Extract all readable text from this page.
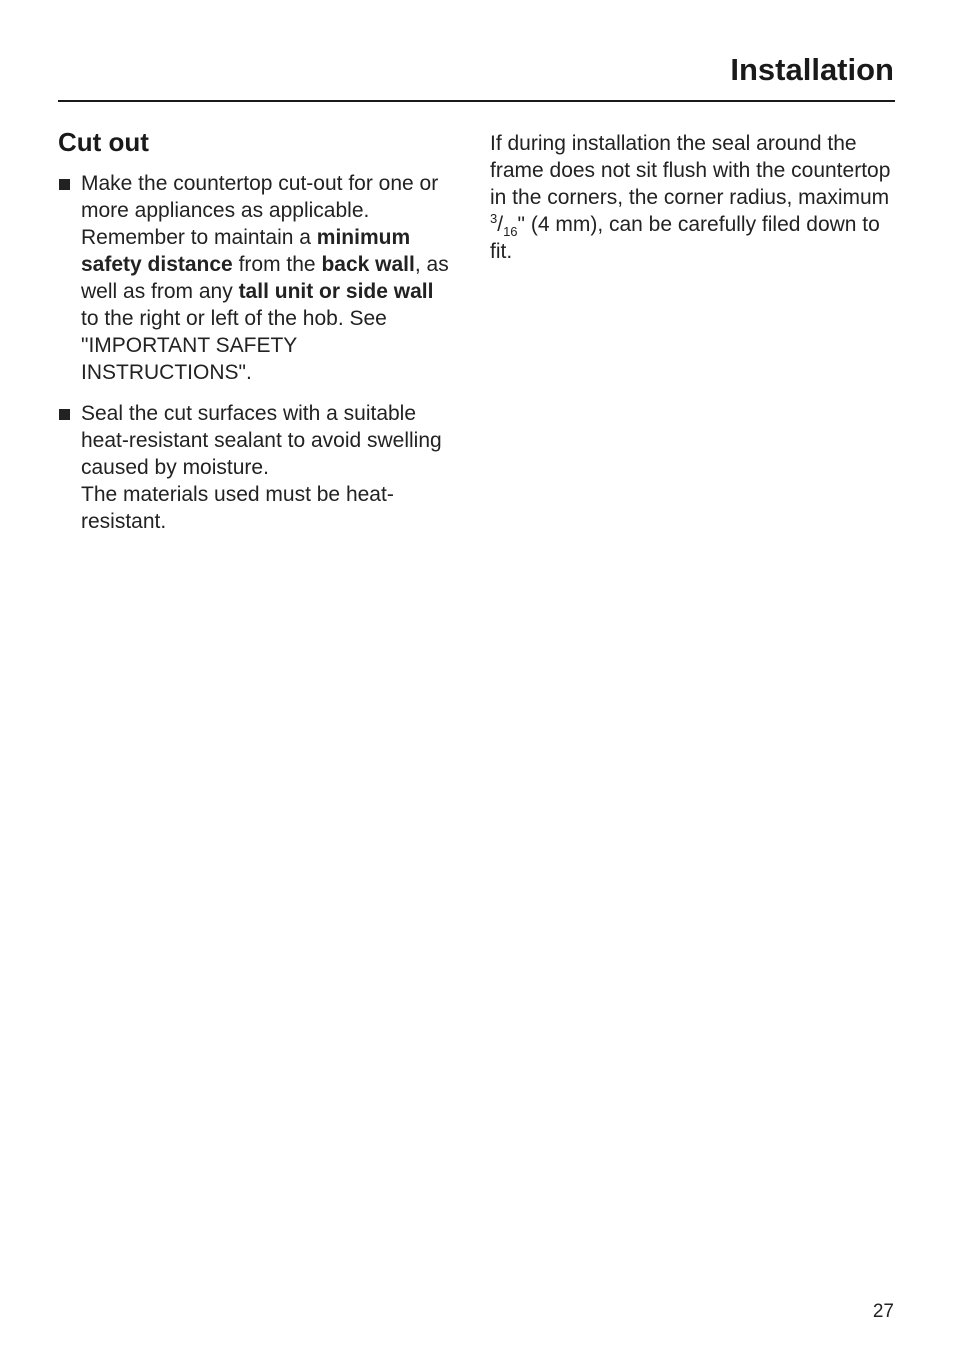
Installation
Cut out
Make the countertop cut-out for one or more appliances as applicable. Remember to maintain a minimum safety distance from the back wall, as well as from any tall unit or side wall to the right or left of the hob. See "IMPORTANT SAFETY INSTRUCTIONS".
Seal the cut surfaces with a suitable heat-resistant sealant to avoid swelling caused by moisture.
The materials used must be heat-resistant.

If during installation the seal around the frame does not sit flush with the countertop in the corners, the corner radius, maximum $^3/_{16}$" (4 mm), can be carefully filed down to fit.

27
